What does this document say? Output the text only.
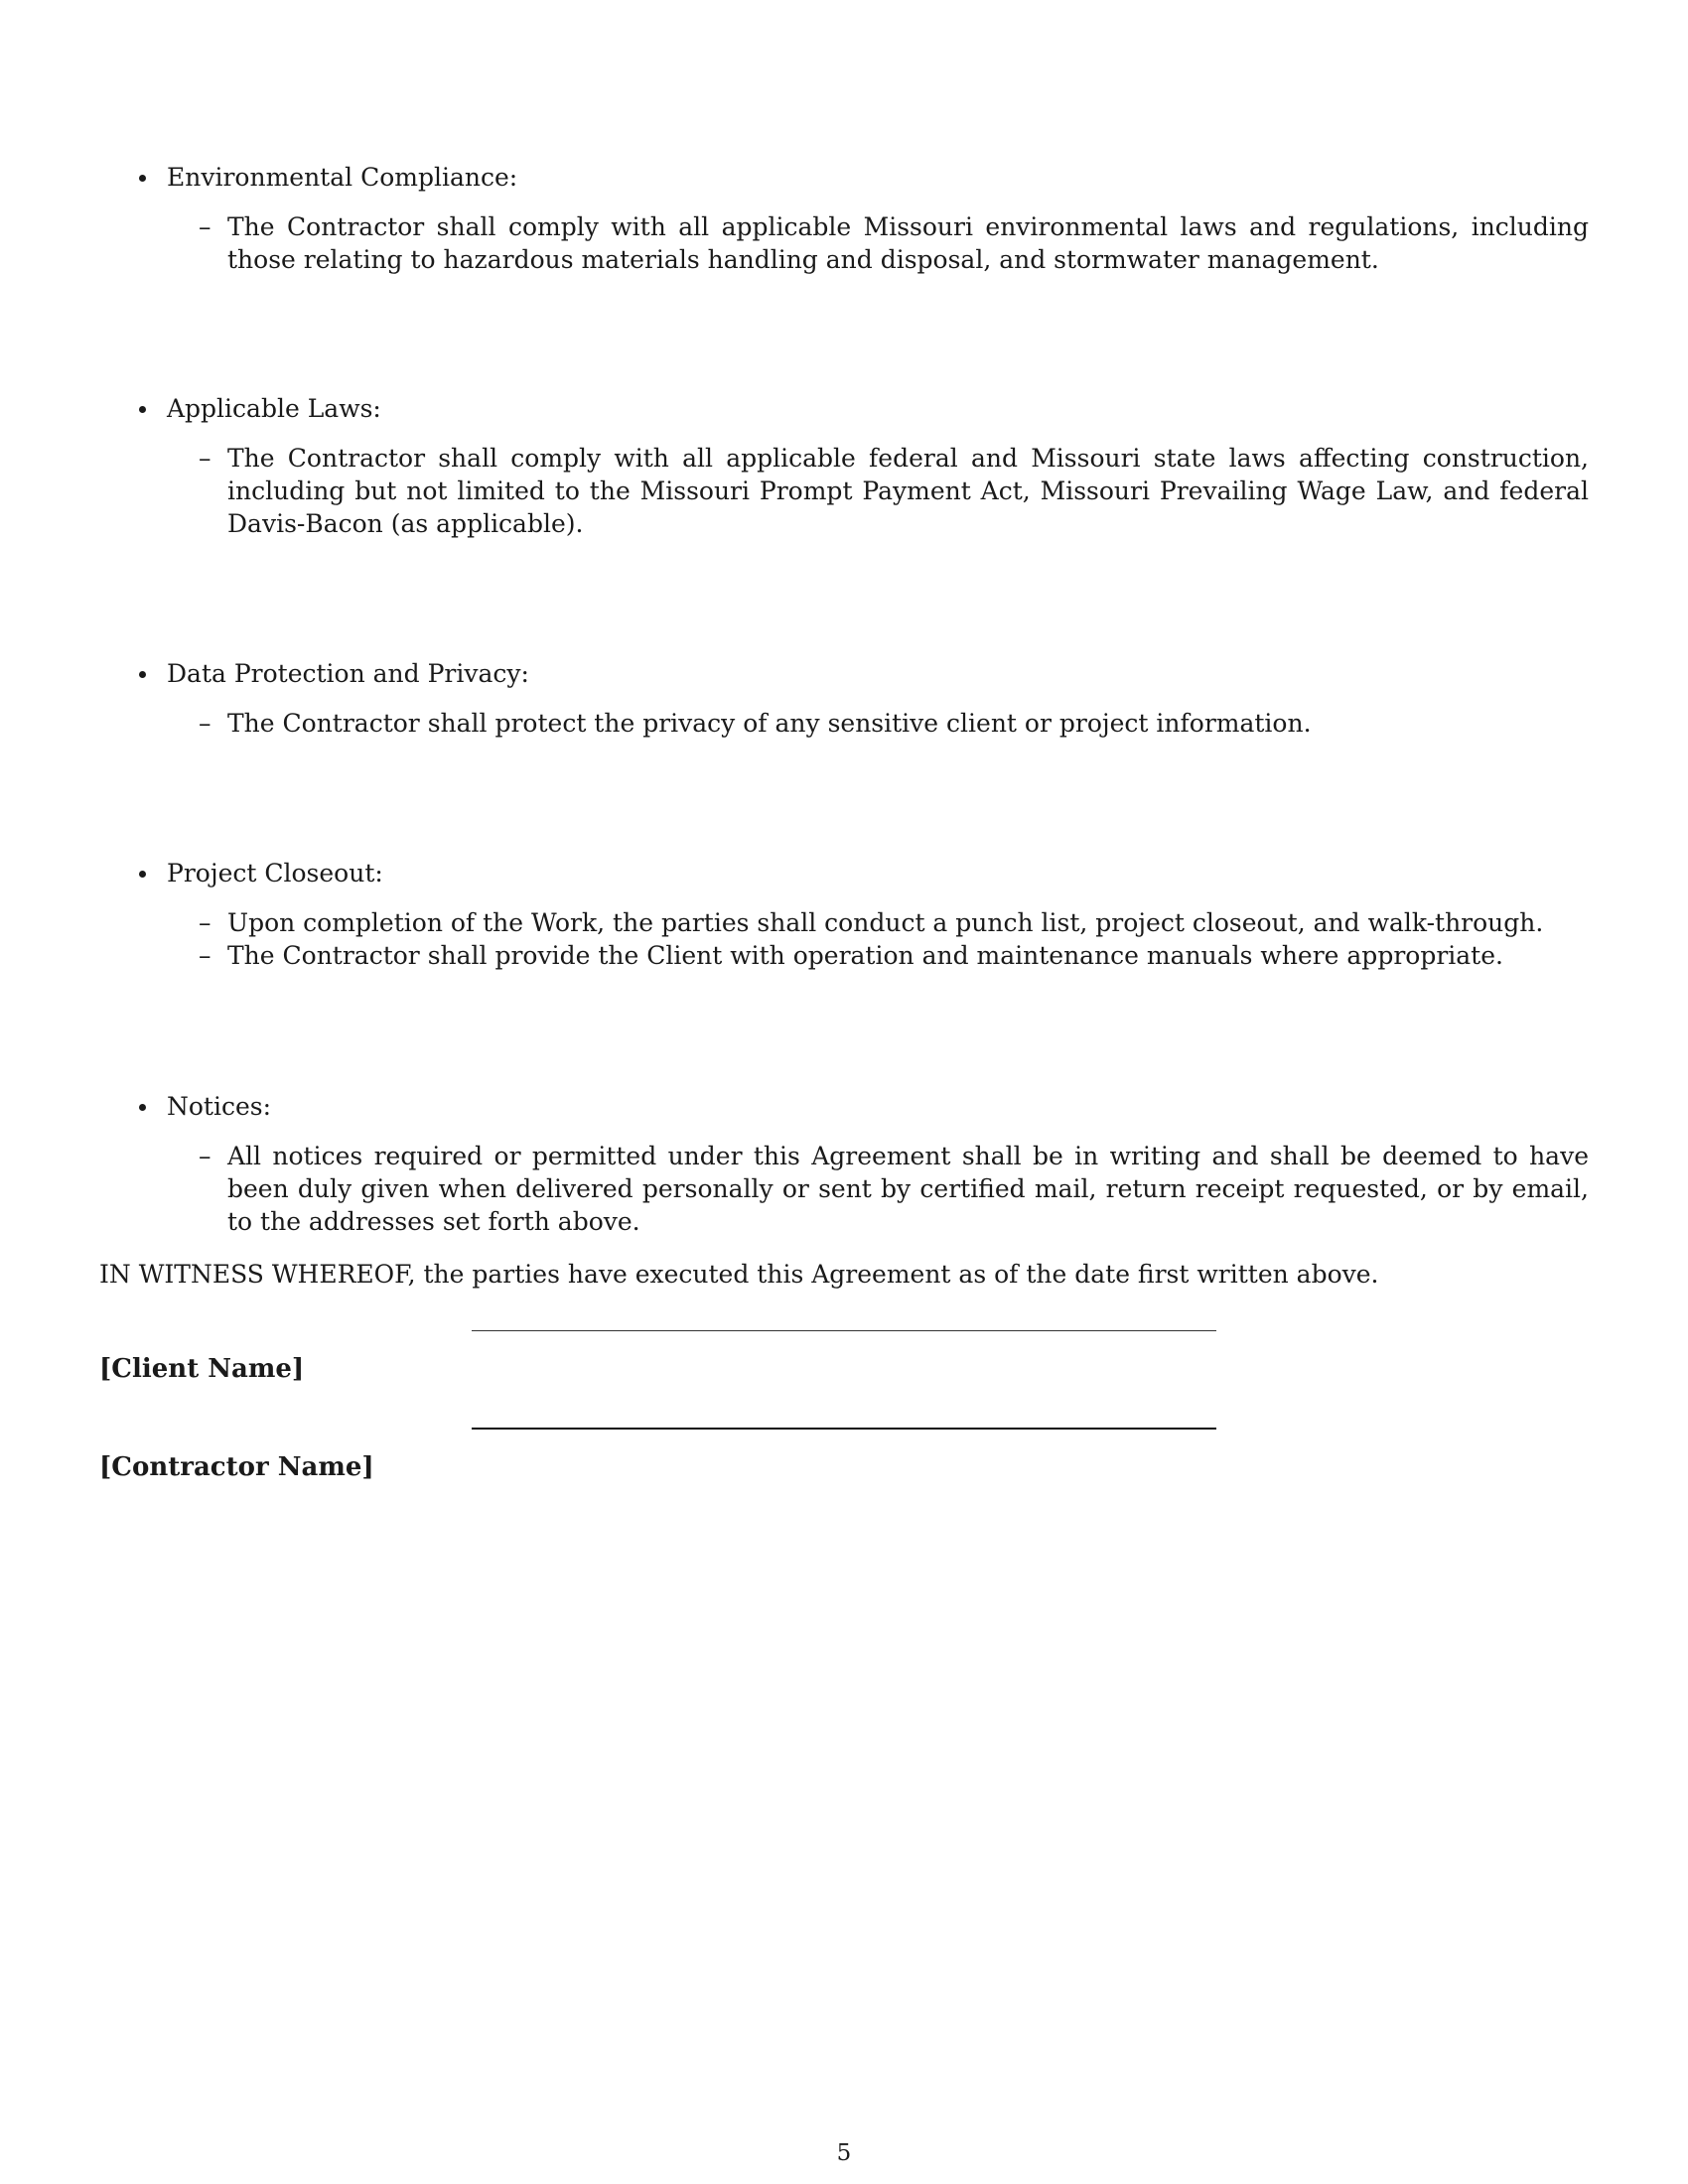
Environmental Compliance:
– The Contractor shall comply with all applicable Missouri environmental laws and regulations, including those relating to hazardous materials handling and disposal, and stormwater management.
Applicable Laws:
– The Contractor shall comply with all applicable federal and Missouri state laws affecting construction, including but not limited to the Missouri Prompt Payment Act, Missouri Prevailing Wage Law, and federal Davis-Bacon (as applicable).
Data Protection and Privacy:
– The Contractor shall protect the privacy of any sensitive client or project information.
Project Closeout:
– Upon completion of the Work, the parties shall conduct a punch list, project closeout, and walk-through.
– The Contractor shall provide the Client with operation and maintenance manuals where appropriate.
Notices:
– All notices required or permitted under this Agreement shall be in writing and shall be deemed to have been duly given when delivered personally or sent by certified mail, return receipt requested, or by email, to the addresses set forth above.
IN WITNESS WHEREOF, the parties have executed this Agreement as of the date first written above.
[Client Name]
[Contractor Name]
5
